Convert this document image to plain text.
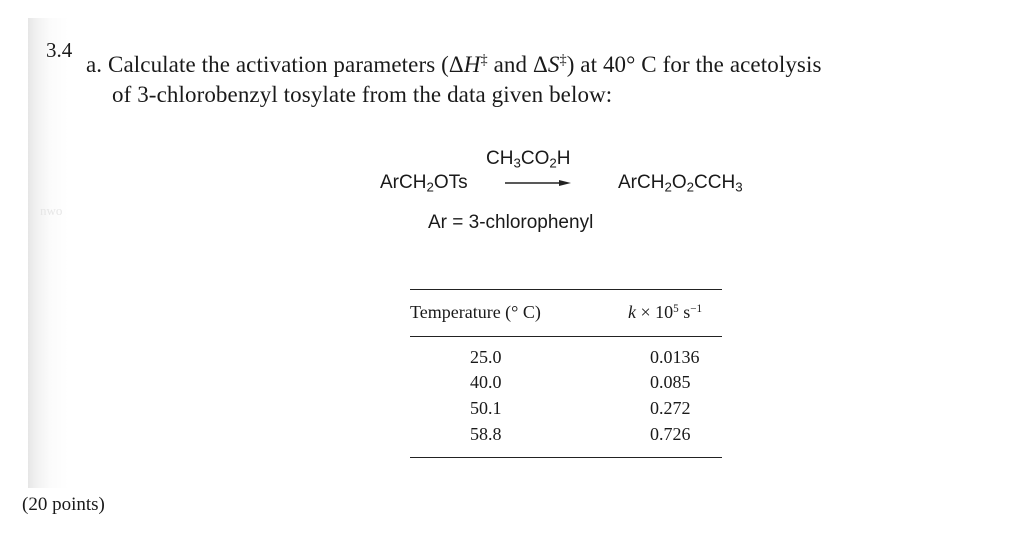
3.4
a. Calculate the activation parameters (ΔH‡ and ΔS‡) at 40° C for the acetolysis
of 3-chlorobenzyl tosylate from the data given below:
ArCH$_2$OTs
$CH_3CO_2H$
$ArCH_2O_2CCH_3$
Ar = 3-chlorophenyl
nwo
Temperature (° C)	$k \times 10^5$ $s^{-1}$
25.0	0.0136
40.0	0.085
50.1	0.272
58.8	0.726
(20 points)
